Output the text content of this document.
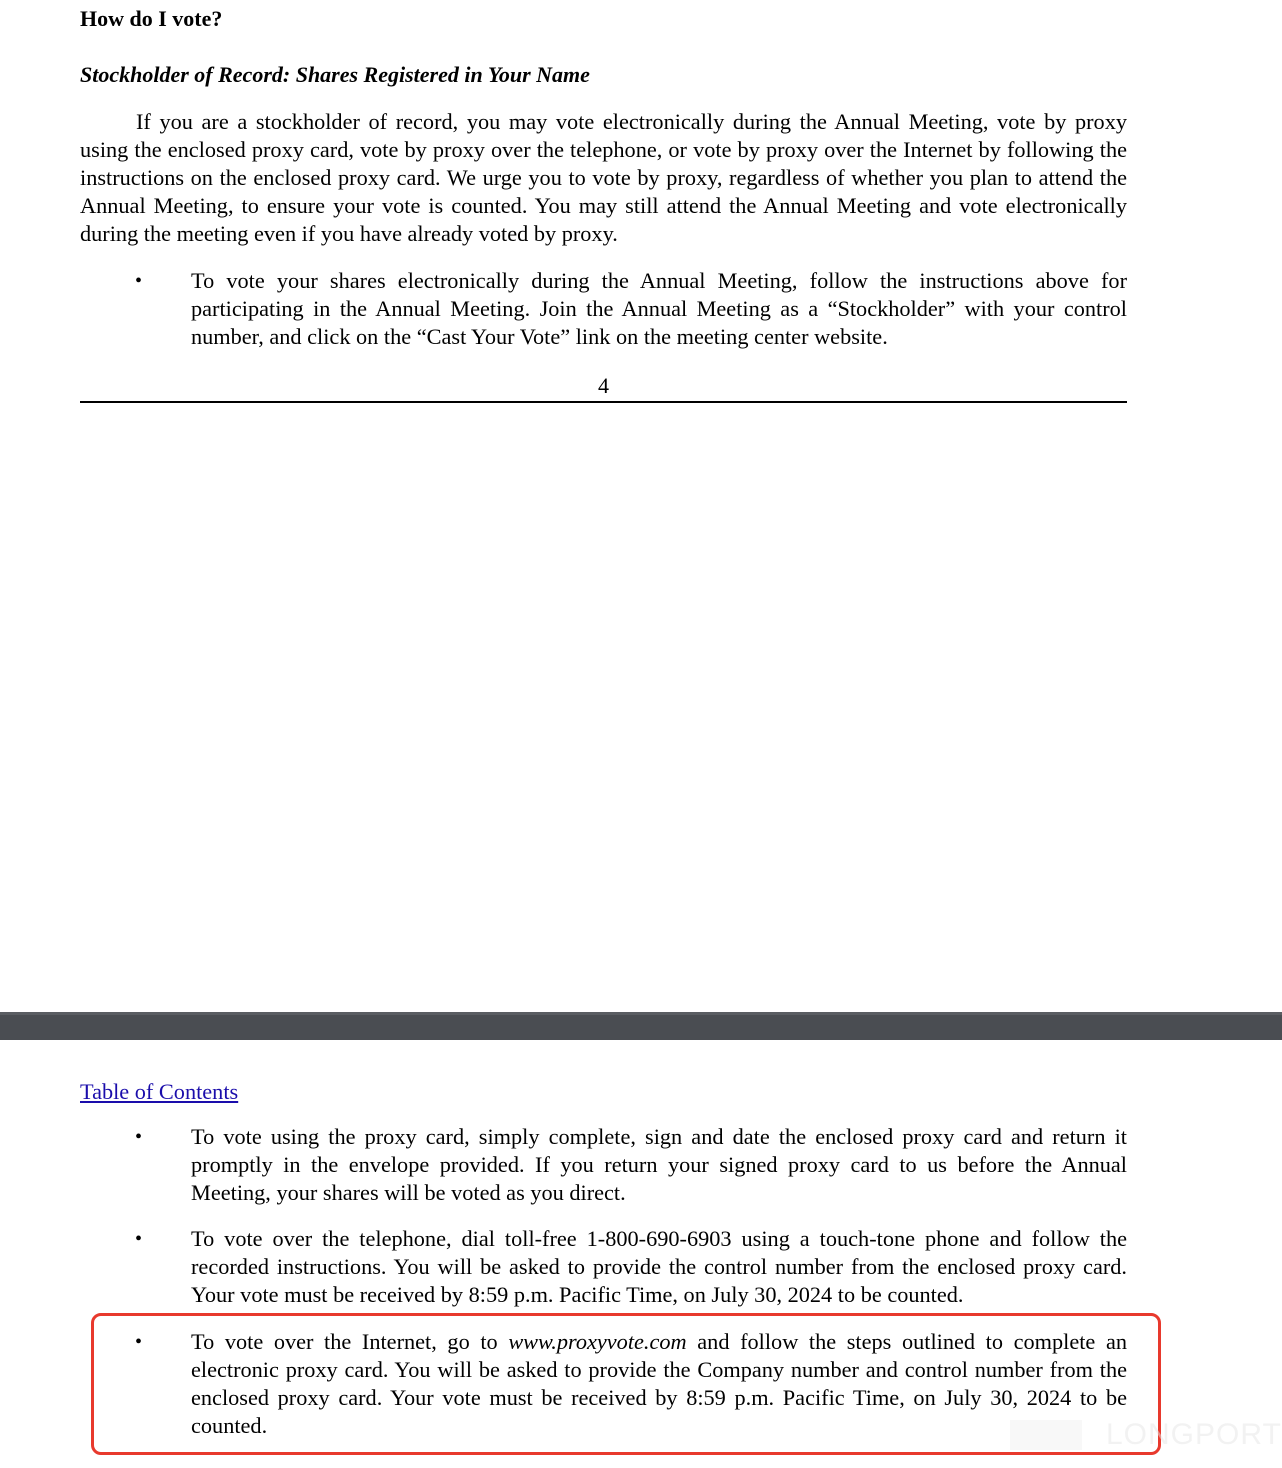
How do I vote?
Stockholder of Record: Shares Registered in Your Name

If you are a stockholder of record, you may vote electronically during the Annual Meeting, vote by proxy using the enclosed proxy card, vote by proxy over the telephone, or vote by proxy over the Internet by following the instructions on the enclosed proxy card. We urge you to vote by proxy, regardless of whether you plan to attend the Annual Meeting, to ensure your vote is counted. You may still attend the Annual Meeting and vote electronically during the meeting even if you have already voted by proxy.

• To vote your shares electronically during the Annual Meeting, follow the instructions above for participating in the Annual Meeting. Join the Annual Meeting as a “Stockholder” with your control number, and click on the “Cast Your Vote” link on the meeting center website.

4
Table of Contents
• To vote using the proxy card, simply complete, sign and date the enclosed proxy card and return it promptly in the envelope provided. If you return your signed proxy card to us before the Annual Meeting, your shares will be voted as you direct.

• To vote over the telephone, dial toll-free 1-800-690-6903 using a touch-tone phone and follow the recorded instructions. You will be asked to provide the control number from the enclosed proxy card. Your vote must be received by 8:59 p.m. Pacific Time, on July 30, 2024 to be counted.

• To vote over the Internet, go to www.proxyvote.com and follow the steps outlined to complete an electronic proxy card. You will be asked to provide the Company number and control number from the enclosed proxy card. Your vote must be received by 8:59 p.m. Pacific Time, on July 30, 2024 to be counted.	LONGPORT
